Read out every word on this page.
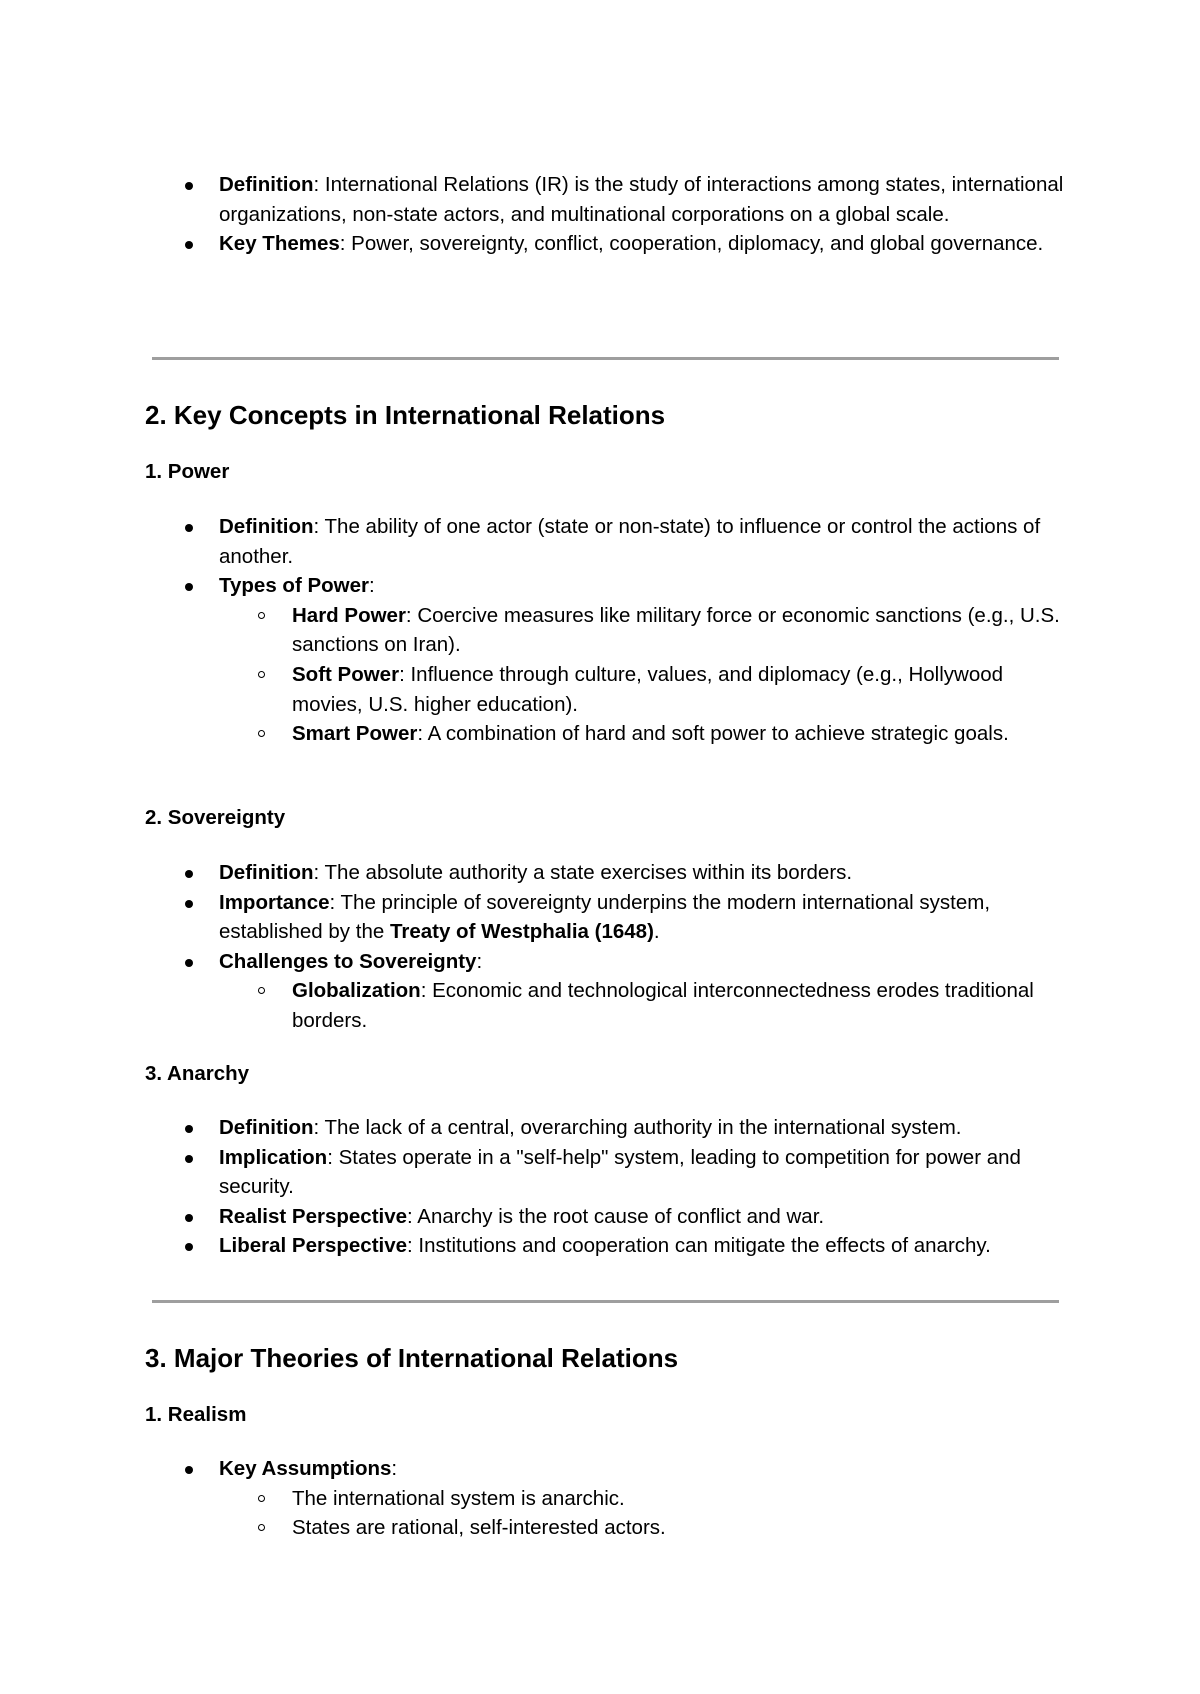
Definition: International Relations (IR) is the study of interactions among states, international organizations, non-state actors, and multinational corporations on a global scale.
Key Themes: Power, sovereignty, conflict, cooperation, diplomacy, and global governance.
2. Key Concepts in International Relations
1. Power
Definition: The ability of one actor (state or non-state) to influence or control the actions of another.
Types of Power:
Hard Power: Coercive measures like military force or economic sanctions (e.g., U.S. sanctions on Iran).
Soft Power: Influence through culture, values, and diplomacy (e.g., Hollywood movies, U.S. higher education).
Smart Power: A combination of hard and soft power to achieve strategic goals.
2. Sovereignty
Definition: The absolute authority a state exercises within its borders.
Importance: The principle of sovereignty underpins the modern international system, established by the Treaty of Westphalia (1648).
Challenges to Sovereignty:
Globalization: Economic and technological interconnectedness erodes traditional borders.
3. Anarchy
Definition: The lack of a central, overarching authority in the international system.
Implication: States operate in a "self-help" system, leading to competition for power and security.
Realist Perspective: Anarchy is the root cause of conflict and war.
Liberal Perspective: Institutions and cooperation can mitigate the effects of anarchy.
3. Major Theories of International Relations
1. Realism
Key Assumptions:
The international system is anarchic.
States are rational, self-interested actors.
